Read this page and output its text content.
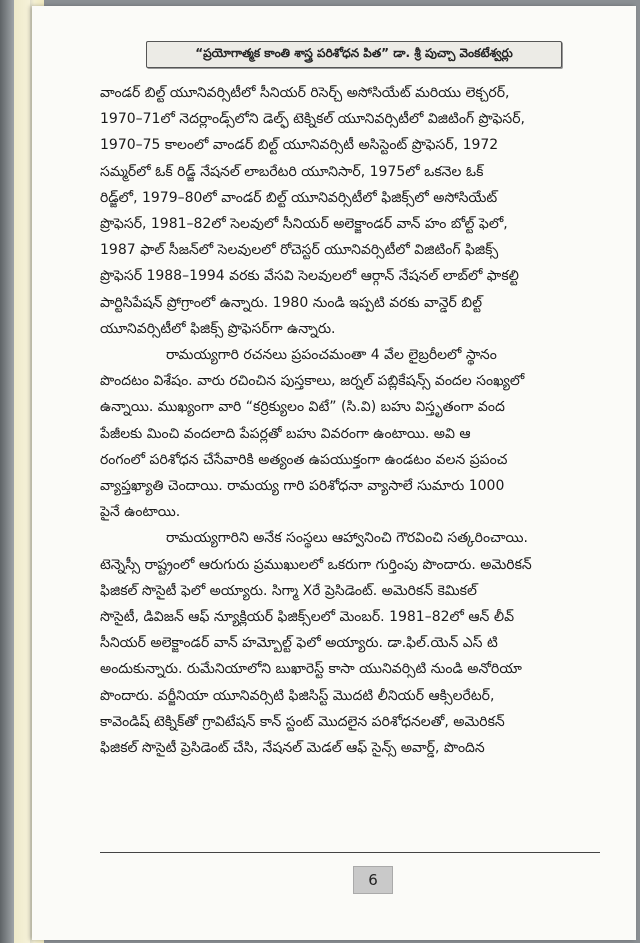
“ప్రయోగాత్మక కాంతి శాస్త్ర పరిశోధన పిత” డా. శ్రీ పుచ్చా వెంకటేశ్వర్లు
వాండర్ బిల్ట్ యూనివర్సిటీలో సీనియర్ రిసెర్చ్ అసోసియేట్ మరియు లెక్చరర్,
1970–71లో నెదర్లాండ్స్‌లోని డెల్ఫ్ టెక్నికల్ యూనివర్సిటీలో విజిటింగ్ ప్రొఫెసర్,
1970–75 కాలంలో వాండర్ బిల్ట్ యూనివర్సిటీ అసిస్టెంట్ ప్రొఫెసర్, 1972
సమ్మర్‌లో ఓక్ రిడ్జ్ నేషనల్ లాబరేటరి యూనిసార్, 1975లో ఒకనెల ఓక్
రిడ్జ్‌లో, 1979–80లో వాండర్ బిల్ట్ యూనివర్సిటీలో ఫిజిక్స్‌లో అసోసియేట్
ప్రొఫెసర్, 1981–82లో సెలవులో సీనియర్ అలెక్జాండర్ వాన్ హం బోల్ట్ ఫెలో,
1987 ఫాల్ సీజన్‌లో సెలవులలో రోచెస్టర్ యూనివర్సిటీలో విజిటింగ్ ఫిజిక్స్
ప్రొఫెసర్ 1988–1994 వరకు వేసవి సెలవులలో ఆర్గాన్ నేషనల్ లాబ్‌లో ఫాకల్టి
పార్టిసిపేషన్ ప్రోగ్రాంలో ఉన్నారు. 1980 నుండి ఇప్పటి వరకు వాన్డెర్ బిల్ట్
యూనివర్సిటీలో ఫిజిక్స్ ప్రొఫెసర్‌గా ఉన్నారు.
రామయ్యగారి రచనలు ప్రపంచమంతా 4 వేల లైబ్రరీలలో స్థానం
పొందటం విశేషం. వారు రచించిన పుస్తకాలు, జర్నల్ పబ్లికేషన్స్ వందల సంఖ్యలో
ఉన్నాయి. ముఖ్యంగా వారి “కర్రిక్యులం విటే” (సి.వి) బహు విస్తృతంగా వంద
పేజీలకు మించి వందలాది పేపర్లతో బహు వివరంగా ఉంటాయి. అవి ఆ
రంగంలో పరిశోధన చేసేవారికి అత్యంత ఉపయుక్తంగా ఉండటం వలన ప్రపంచ
వ్యాప్తఖ్యాతి చెందాయి. రామయ్య గారి పరిశోధనా వ్యాసాలే సుమారు 1000
పైనే ఉంటాయి.
రామయ్యగారిని అనేక సంస్థలు ఆహ్వానించి గౌరవించి సత్కరించాయి.
టెన్నెస్సీ రాష్ట్రంలో ఆరుగురు ప్రముఖులలో ఒకరుగా గుర్తింపు పొందారు. అమెరికన్
ఫిజికల్ సొసైటీ ఫెలో అయ్యారు. సిగ్మా Xరే ప్రెసిడెంట్. అమెరికన్ కెమికల్
సొసైటీ, డివిజన్ ఆఫ్ న్యూక్లియర్ ఫిజిక్స్‌లలో మెంబర్. 1981–82లో ఆన్ లీవ్
సీనియర్ అలెక్జాండర్ వాన్ హమ్బోల్ట్ ఫెలో అయ్యారు. డా.ఫిల్.యెన్ ఎస్ టి
అందుకున్నారు. రుమేనియాలోని బుఖారెస్ట్ కాసా యునివర్సిటి నుండి అనోరియా
పొందారు. వర్జీనియా యూనివర్సిటి ఫిజిసిస్ట్ మొదటి లీనియర్ ఆక్సిలరేటర్,
కావెండిష్ టెక్నిక్‌తో గ్రావిటేషన్ కాన్ స్టంట్ మొదలైన పరిశోధనలతో, అమెరికన్
ఫిజికల్ సొసైటీ ప్రెసిడెంట్ చేసి, నేషనల్ మెడల్ ఆఫ్ సైన్స్ అవార్డ్, పొందిన
6
